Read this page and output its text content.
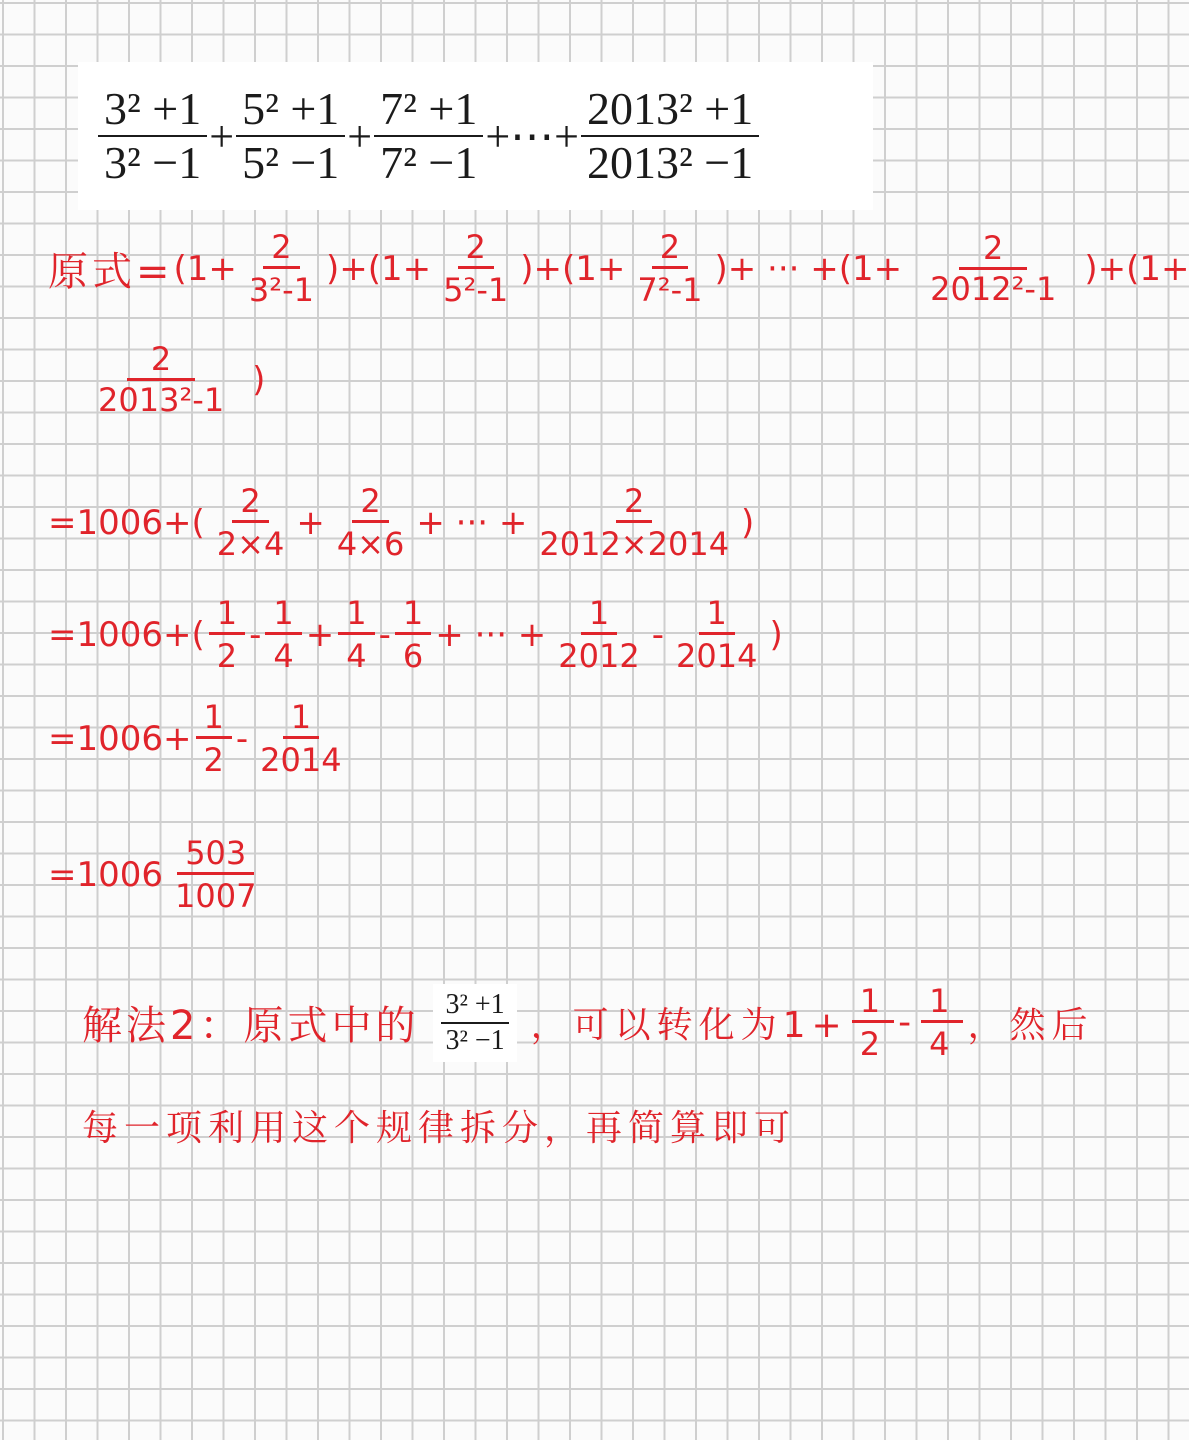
3² +1
3² −1
+ $\frac{\text{5² +1}}{\text{5² −1}} + \frac{\text{7² +1}}{\text{7² −1}}$ +⋯+ $\frac{\text{2013² +1}}{\text{2013² −1}}$
原式= $(1+ \frac{2}{\text{3²-1}} )+(1+ \frac{2}{\text{5²-1}} )+(1+ \frac{2}{\text{7²-1}}$ )+ ··· $+(1+ \frac{2}{\text{2012²-1}} )+(1+$
2
2013²-1
)
=1006+(
2
2×4
+ $\frac{2}{4\times 6}$ + ··· + $\frac{2}{2012\times 2014}$ )
=1006+(
1
2
-
1
4
+ $\frac{1}{4}$ -
1
6
+ ··· + $\frac{1}{2012}$ -
1
2014
)
$=1006+ \frac{1}{2}$ -
1
2014
=1006
503
1007
解法2：原式中的 3² +1
3² −1 ，可以转化为$1+ \frac{1}{2}$ -
1
4 ，然后
每一项利用这个规律拆分，再简算即可
